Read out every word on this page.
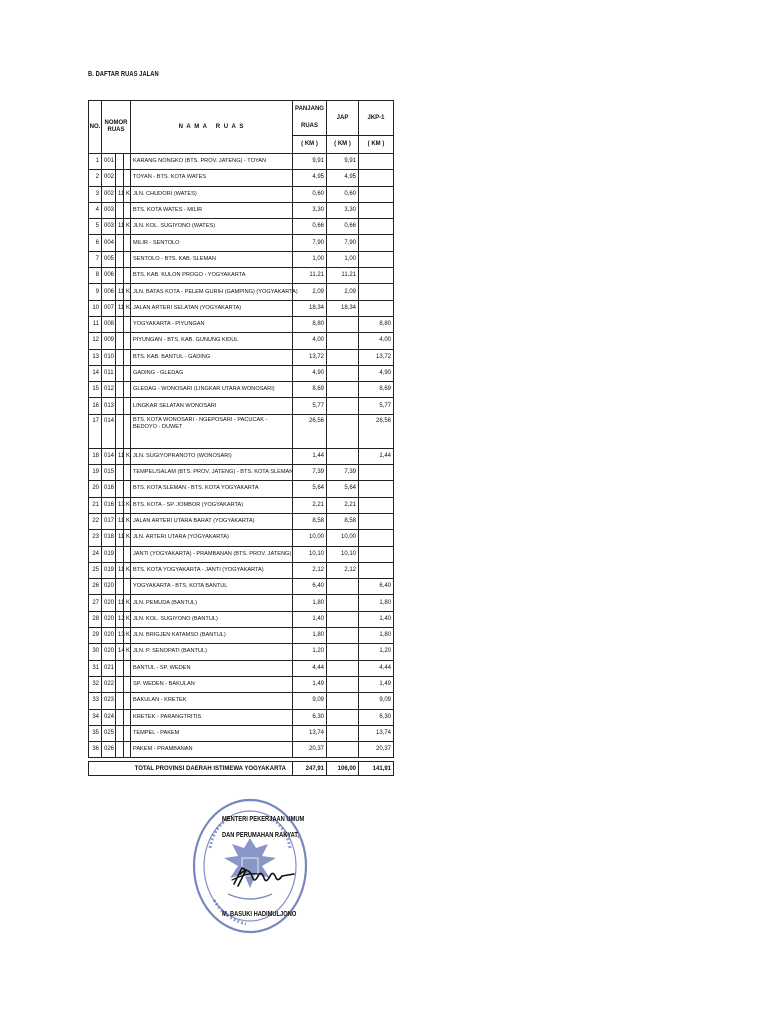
B. DAFTAR RUAS JALAN
NO.	NOMOR
RUAS			N A M A   R U A S	PANJANG	JAP	JKP-1
					RUAS		
					( KM )	( KM )	( KM )
1	001			KARANG NONGKO (BTS. PROV. JATENG) - TOYAN	9,91	9,91	
2	002			TOYAN - BTS. KOTA WATES	4,95	4,95	
3	002	11	K	JLN. CHUDORI (WATES)	0,60	0,60	
4	003			BTS. KOTA WATES - MILIR	3,30	3,30	
5	003	11	K	JLN. KOL. SUGIYONO (WATES)	0,66	0,66	
6	004			MILIR - SENTOLO	7,90	7,90	
7	005			SENTOLO - BTS. KAB. SLEMAN	1,00	1,00	
8	006			BTS. KAB. KULON PROGO - YOGYAKARTA	11,21	11,21	
9	006	11	K	JLN. BATAS KOTA - PELEM GURIH (GAMPING) (YOGYAKARTA)	2,09	2,09	
10	007	11	K	JALAN ARTERI SELATAN (YOGYAKARTA)	18,34	18,34	
11	008			YOGYAKARTA - PIYUNGAN	8,80		8,80
12	009			PIYUNGAN - BTS. KAB. GUNUNG KIDUL	4,00		4,00
13	010			BTS. KAB. BANTUL - GADING	13,72		13,72
14	011			GADING - GLEDAG	4,90		4,90
15	012			GLEDAG - WONOSARI (LINGKAR UTARA WONOSARI)	8,69		8,69
16	013			LINGKAR SELATAN WONOSARI	5,77		5,77
17	014			BTS. KOTA WONOSARI - NGEPOSARI - PACUCAK - BEDOYO - DUWET	26,56		26,56
18	014	11	K	JLN. SUGIYOPRANOTO (WONOSARI)	1,44		1,44
19	015			TEMPEL/SALAM (BTS. PROV. JATENG) - BTS. KOTA SLEMAN	7,39	7,39	
20	016			BTS. KOTA SLEMAN - BTS. KOTA YOGYAKARTA	5,64	5,64	
21	016	13	K	BTS. KOTA - SP. JOMBOR (YOGYAKARTA)	2,21	2,21	
22	017	11	K	JALAN ARTERI UTARA BARAT (YOGYAKARTA)	8,58	8,58	
23	018	11	K	JLN. ARTERI UTARA (YOGYAKARTA)	10,00	10,00	
24	019			JANTI (YOGYAKARTA) - PRAMBANAN (BTS. PROV. JATENG)	10,10	10,10	
25	019	11	K	BTS. KOTA YOGYAKARTA - JANTI (YOGYAKARTA)	2,12	2,12	
26	020			YOGYAKARTA - BTS. KOTA BANTUL	6,40		6,40
27	020	11	K	JLN. PEMUDA (BANTUL)	1,80		1,80
28	020	12	K	JLN. KOL. SUGIYONO (BANTUL)	1,40		1,40
29	020	13	K	JLN. BRIGJEN KATAMSO (BANTUL)	1,80		1,80
30	020	14	K	JLN. P. SENOPATI (BANTUL)	1,20		1,20
31	021			BANTUL - SP. WEDEN	4,44		4,44
32	022			SP. WEDEN - BAKULAN	1,49		1,49
33	023			BAKULAN - KRETEK	9,09		9,09
34	024			KRETEK - PARANGTRITIS	6,30		6,30
35	025			TEMPEL - PAKEM	13,74		13,74
36	026			PAKEM - PRAMBANAN	20,37		20,37
TOTAL PROVINSI DAERAH ISTIMEWA YOGYAKARTA	247,91	106,00	141,91
MENTERI PEKERJAAN UMUM
DAN PERUMAHAN RAKYAT,
M. BASUKI HADIMULJONO
